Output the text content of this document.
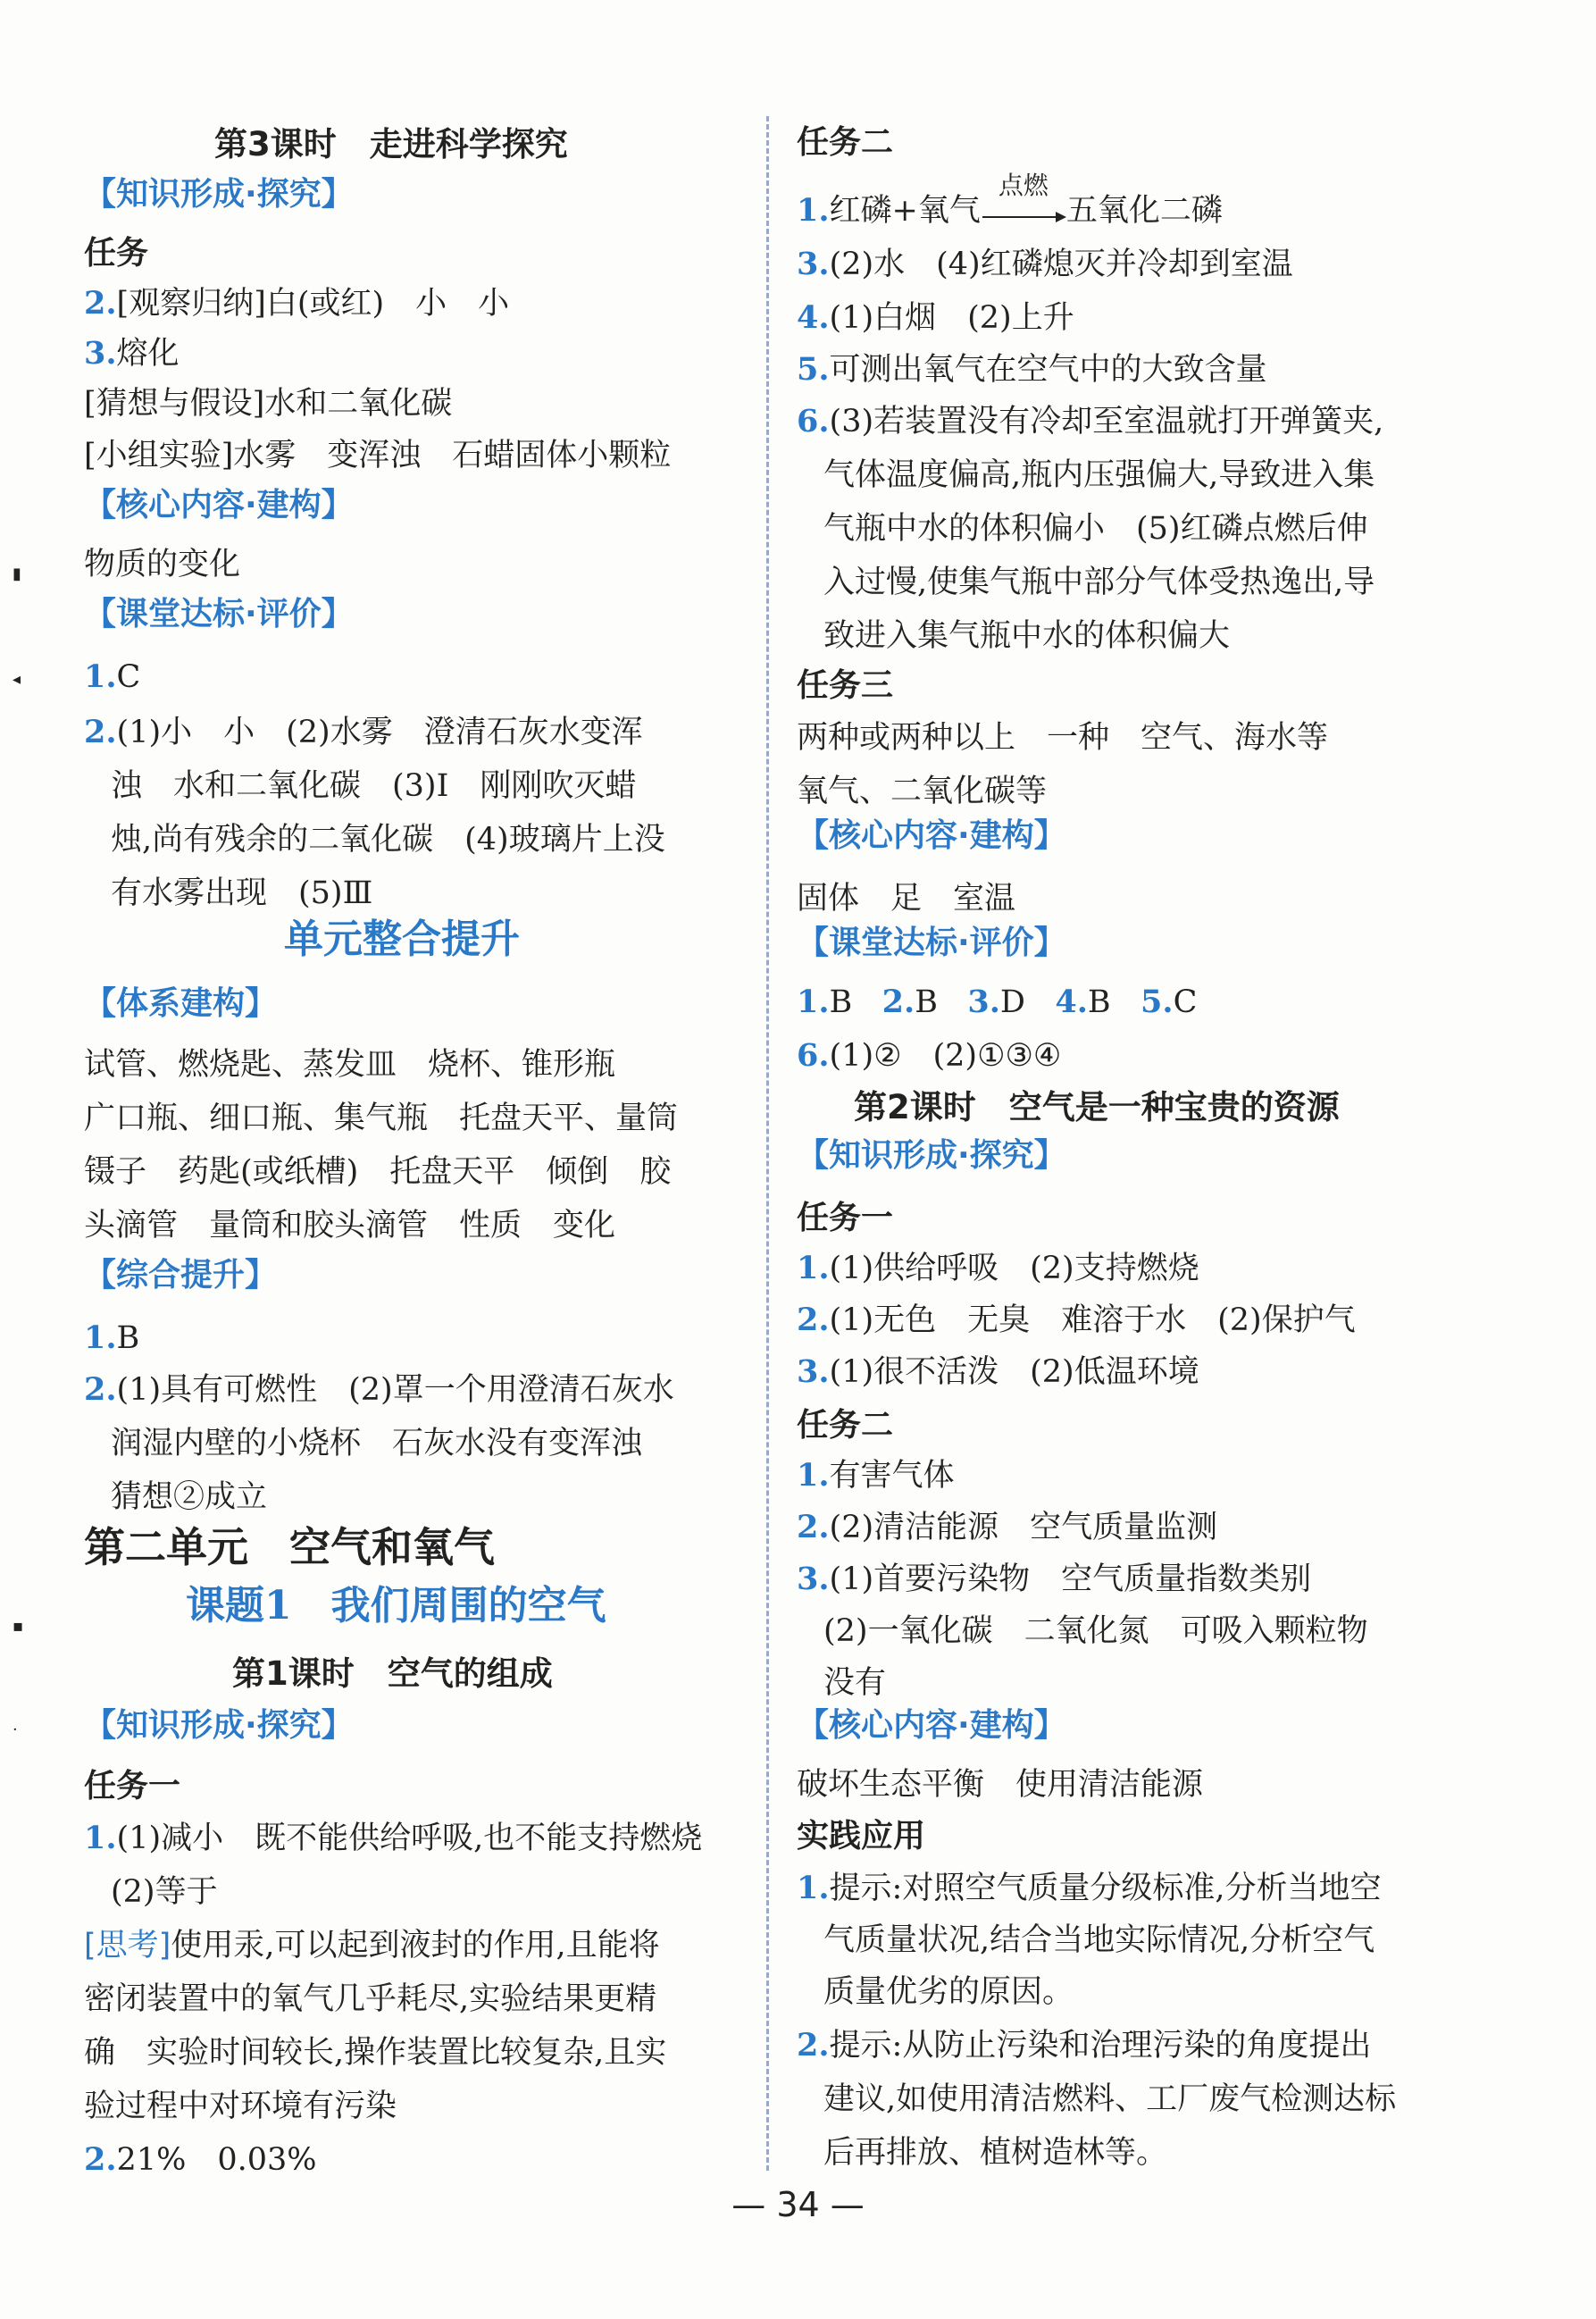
▮
◂
▪
·
第3课时　走进科学探究
【知识形成·探究】
任务
2.[观察归纳]白(或红)　小　小
3.熔化
[猜想与假设]水和二氧化碳
[小组实验]水雾　变浑浊　石蜡固体小颗粒
【核心内容·建构】
物质的变化
【课堂达标·评价】
1.C
2.(1)小　小　(2)水雾　澄清石灰水变浑
浊　水和二氧化碳　(3)Ⅰ　刚刚吹灭蜡
烛,尚有残余的二氧化碳　(4)玻璃片上没
有水雾出现　(5)Ⅲ
单元整合提升
【体系建构】
试管、燃烧匙、蒸发皿　烧杯、锥形瓶
广口瓶、细口瓶、集气瓶　托盘天平、量筒
镊子　药匙(或纸槽)　托盘天平　倾倒　胶
头滴管　量筒和胶头滴管　性质　变化
【综合提升】
1.B
2.(1)具有可燃性　(2)罩一个用澄清石灰水
润湿内壁的小烧杯　石灰水没有变浑浊
猜想②成立
第二单元　空气和氧气
课题1　我们周围的空气
第1课时　空气的组成
【知识形成·探究】
任务一
1.(1)减小　既不能供给呼吸,也不能支持燃烧
(2)等于
[思考]使用汞,可以起到液封的作用,且能将
密闭装置中的氧气几乎耗尽,实验结果更精
确　实验时间较长,操作装置比较复杂,且实
验过程中对环境有污染
2.21%　0.03%
任务二
1.红磷+氧气
点燃
五氧化二磷
3.(2)水　(4)红磷熄灭并冷却到室温
4.(1)白烟　(2)上升
5.可测出氧气在空气中的大致含量
6.(3)若装置没有冷却至室温就打开弹簧夹,
气体温度偏高,瓶内压强偏大,导致进入集
气瓶中水的体积偏小　(5)红磷点燃后伸
入过慢,使集气瓶中部分气体受热逸出,导
致进入集气瓶中水的体积偏大
任务三
两种或两种以上　一种　空气、海水等
氧气、二氧化碳等
【核心内容·建构】
固体　足　室温
【课堂达标·评价】
1.B 2.B 3.D 4.B 5.C
6.(1)②　(2)①③④
第2课时　空气是一种宝贵的资源
【知识形成·探究】
任务一
1.(1)供给呼吸　(2)支持燃烧
2.(1)无色　无臭　难溶于水　(2)保护气
3.(1)很不活泼　(2)低温环境
任务二
1.有害气体
2.(2)清洁能源　空气质量监测
3.(1)首要污染物　空气质量指数类别
(2)一氧化碳　二氧化氮　可吸入颗粒物
没有
【核心内容·建构】
破坏生态平衡　使用清洁能源
实践应用
1.提示:对照空气质量分级标准,分析当地空
气质量状况,结合当地实际情况,分析空气
质量优劣的原因。
2.提示:从防止污染和治理污染的角度提出
建议,如使用清洁燃料、工厂废气检测达标
后再排放、植树造林等。
— 34 —
